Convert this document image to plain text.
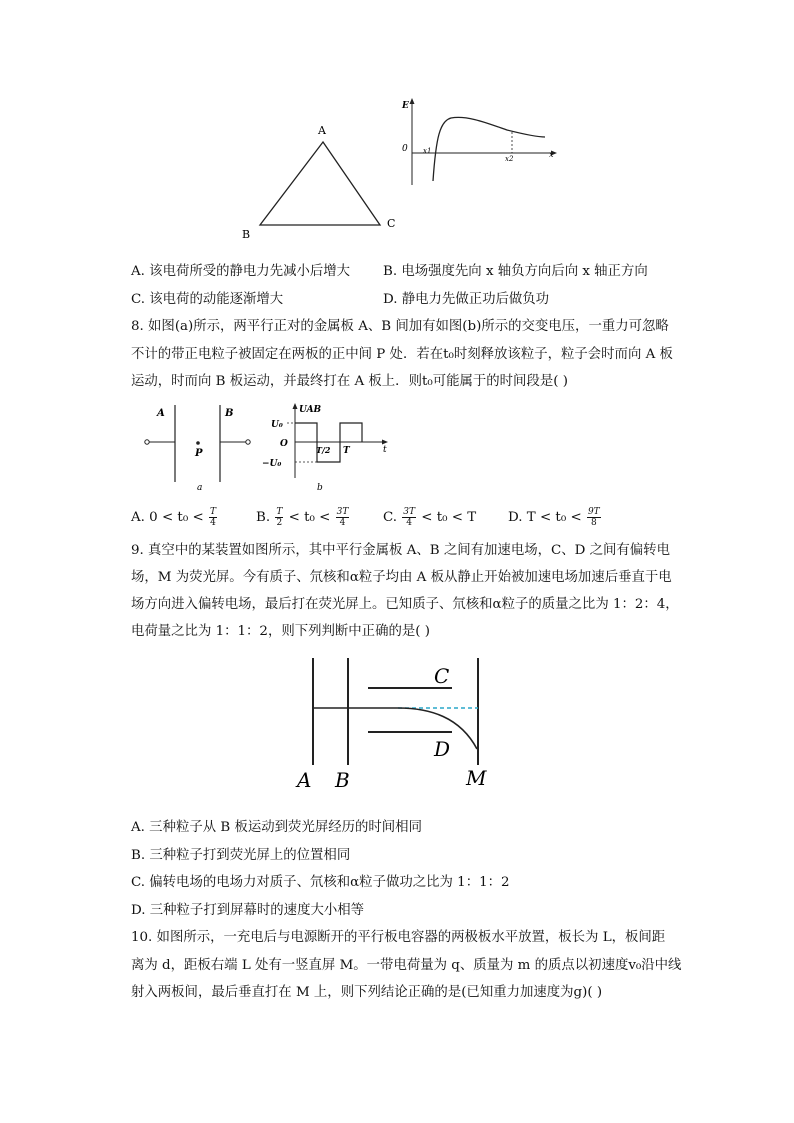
A
B
C
E
x
0 x1
x2
A. 该电荷所受的静电力先减小后增大 B. 电场强度先向 x 轴负方向后向 x 轴正方向
C. 该电荷的动能逐渐增大	D. 静电力先做正功后做负功
8. 如图(a)所示，两平行正对的金属板 A、B 间加有如图(b)所示的交变电压，一重力可忽略
不计的带正电粒子被固定在两板的正中间 P 处．若在t₀时刻释放该粒子，粒子会时而向 A 板
运动，时而向 B 板运动，并最终打在 A 板上．则t₀可能属于的时间段是( )
A	B
P
a
UAB
U₀
O
−U₀
T/2 T	t
b
A. $0 < t_0 < \frac{T}{4}$	B. $\frac{T}{2} < t_0 < \frac{3T}{4}$	C. $\frac{3T}{4} < t_0 < T$ D. $T < t_0 < \frac{9T}{8}$
9. 真空中的某装置如图所示，其中平行金属板 A、B 之间有加速电场，C、D 之间有偏转电
场，M 为荧光屏。今有质子、氘核和α粒子均由 A 板从静止开始被加速电场加速后垂直于电
场方向进入偏转电场，最后打在荧光屏上。已知质子、氘核和α粒子的质量之比为 1：2：4，
电荷量之比为 1：1：2，则下列判断中正确的是( )
A B
C
D
M
A. 三种粒子从 B 板运动到荧光屏经历的时间相同
B. 三种粒子打到荧光屏上的位置相同
C. 偏转电场的电场力对质子、氘核和α粒子做功之比为 1：1：2
D. 三种粒子打到屏幕时的速度大小相等
10. 如图所示，一充电后与电源断开的平行板电容器的两极板水平放置，板长为 L，板间距
离为 d，距板右端 L 处有一竖直屏 M。一带电荷量为 q、质量为 m 的质点以初速度v₀沿中线
射入两板间，最后垂直打在 M 上，则下列结论正确的是(已知重力加速度为g)( )
